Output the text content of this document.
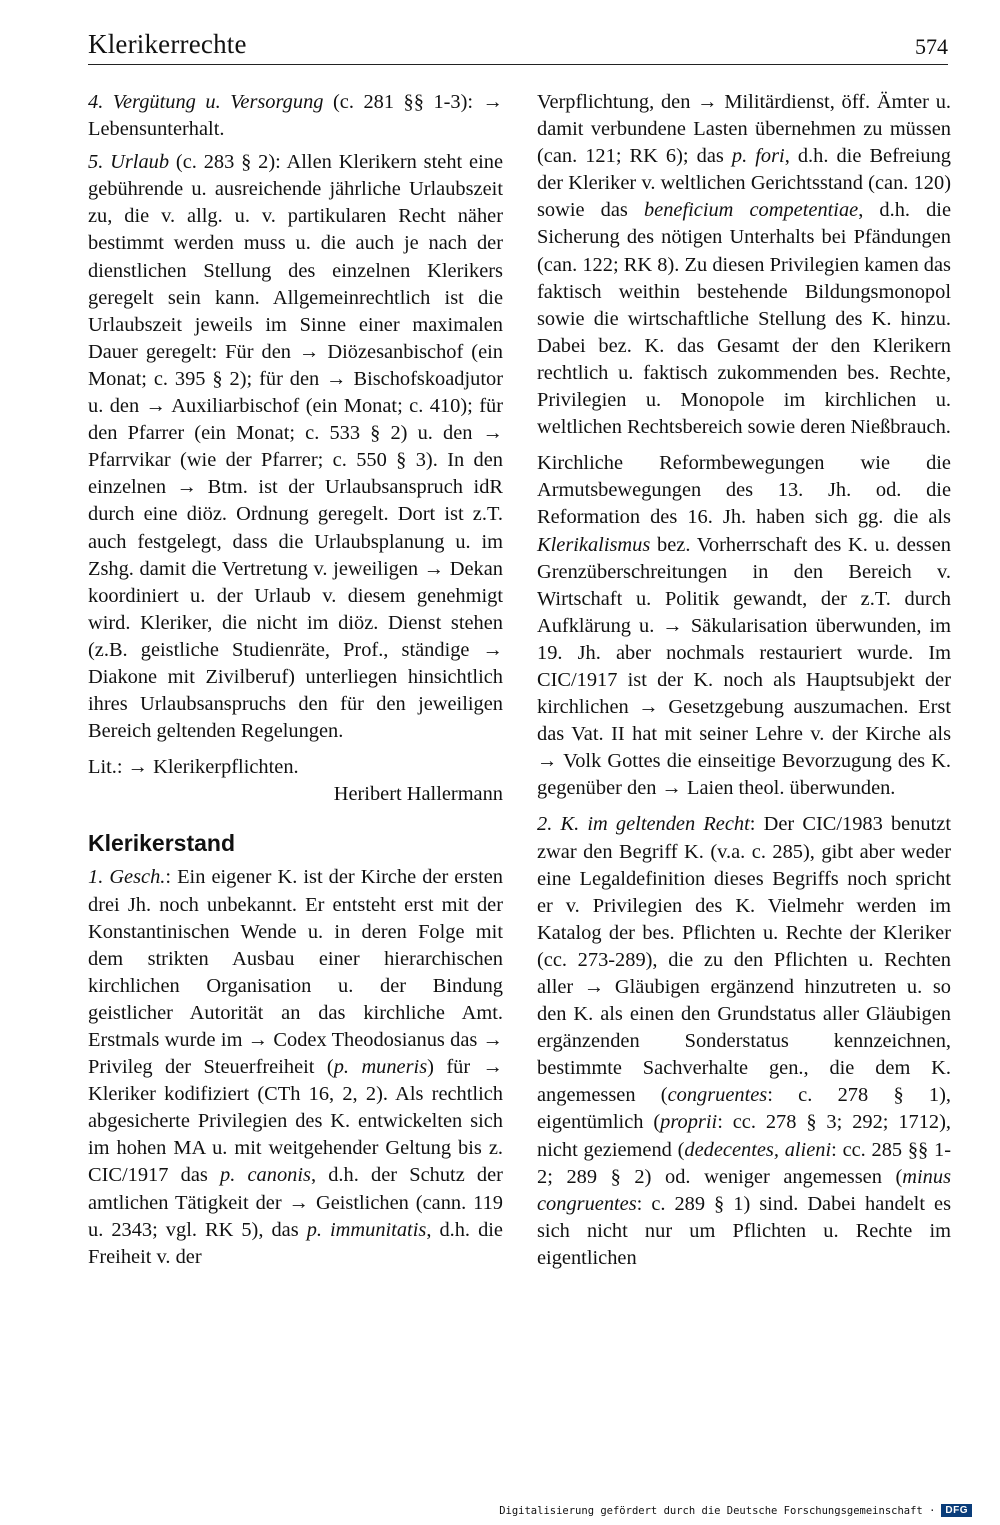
Klerikerrechte	574

4. Vergütung u. Versorgung (c. 281 §§ 1-3): → Lebensunterhalt.

5. Urlaub (c. 283 § 2): Allen Klerikern steht eine gebührende u. ausreichende jährliche Urlaubszeit zu, die v. allg. u. v. partikularen Recht näher bestimmt werden muss u. die auch je nach der dienstlichen Stellung des einzelnen Klerikers geregelt sein kann. Allgemeinrechtlich ist die Urlaubszeit jeweils im Sinne einer maximalen Dauer geregelt: Für den → Diözesanbischof (ein Monat; c. 395 § 2); für den → Bischofskoadjutor u. den → Auxiliarbischof (ein Monat; c. 410); für den Pfarrer (ein Monat; c. 533 § 2) u. den → Pfarrvikar (wie der Pfarrer; c. 550 § 3). In den einzelnen → Btm. ist der Urlaubsanspruch idR durch eine diöz. Ordnung geregelt. Dort ist z.T. auch festgelegt, dass die Urlaubsplanung u. im Zshg. damit die Vertretung v. jeweiligen → Dekan koordiniert u. der Urlaub v. diesem genehmigt wird. Kleriker, die nicht im diöz. Dienst stehen (z.B. geistliche Studienräte, Prof., ständige → Diakone mit Zivilberuf) unterliegen hinsichtlich ihres Urlaubsanspruchs den für den jeweiligen Bereich geltenden Regelungen.

Lit.: → Klerikerpflichten.

Heribert Hallermann

Klerikerstand

1. Gesch.: Ein eigener K. ist der Kirche der ersten drei Jh. noch unbekannt. Er entsteht erst mit der Konstantinischen Wende u. in deren Folge mit dem strikten Ausbau einer hierarchischen kirchlichen Organisation u. der Bindung geistlicher Autorität an das kirchliche Amt. Erstmals wurde im → Codex Theodosianus das → Privileg der Steuerfreiheit (p. muneris) für → Kleriker kodifiziert (CTh 16, 2, 2). Als rechtlich abgesicherte Privilegien des K. entwickelten sich im hohen MA u. mit weitgehender Geltung bis z. CIC/1917 das p. canonis, d.h. der Schutz der amtlichen Tätigkeit der → Geistlichen (cann. 119 u. 2343; vgl. RK 5), das p. immunitatis, d.h. die Freiheit v. der

Verpflichtung, den → Militärdienst, öff. Ämter u. damit verbundene Lasten übernehmen zu müssen (can. 121; RK 6); das p. fori, d.h. die Befreiung der Kleriker v. weltlichen Gerichtsstand (can. 120) sowie das beneficium competentiae, d.h. die Sicherung des nötigen Unterhalts bei Pfändungen (can. 122; RK 8). Zu diesen Privilegien kamen das faktisch weithin bestehende Bildungsmonopol sowie die wirtschaftliche Stellung des K. hinzu. Dabei bez. K. das Gesamt der den Klerikern rechtlich u. faktisch zukommenden bes. Rechte, Privilegien u. Monopole im kirchlichen u. weltlichen Rechtsbereich sowie deren Nießbrauch.

Kirchliche Reformbewegungen wie die Armutsbewegungen des 13. Jh. od. die Reformation des 16. Jh. haben sich gg. die als Klerikalismus bez. Vorherrschaft des K. u. dessen Grenzüberschreitungen in den Bereich v. Wirtschaft u. Politik gewandt, der z.T. durch Aufklärung u. → Säkularisation überwunden, im 19. Jh. aber nochmals restauriert wurde. Im CIC/1917 ist der K. noch als Hauptsubjekt der kirchlichen → Gesetzgebung auszumachen. Erst das Vat. II hat mit seiner Lehre v. der Kirche als → Volk Gottes die einseitige Bevorzugung des K. gegenüber den → Laien theol. überwunden.

2. K. im geltenden Recht: Der CIC/1983 benutzt zwar den Begriff K. (v.a. c. 285), gibt aber weder eine Legaldefinition dieses Begriffs noch spricht er v. Privilegien des K. Vielmehr werden im Katalog der bes. Pflichten u. Rechte der Kleriker (cc. 273-289), die zu den Pflichten u. Rechten aller → Gläubigen ergänzend hinzutreten u. so den K. als einen den Grundstatus aller Gläubigen ergänzenden Sonderstatus kennzeichnen, bestimmte Sachverhalte gen., die dem K. angemessen (congruentes: c. 278 § 1), eigentümlich (proprii: cc. 278 § 3; 292; 1712), nicht geziemend (dedecentes, alieni: cc. 285 §§ 1-2; 289 § 2) od. weniger angemessen (minus congruentes: c. 289 § 1) sind. Dabei handelt es sich nicht nur um Pflichten u. Rechte im eigentlichen

Digitalisierung gefördert durch die Deutsche Forschungsgemeinschaft ·	DFG
